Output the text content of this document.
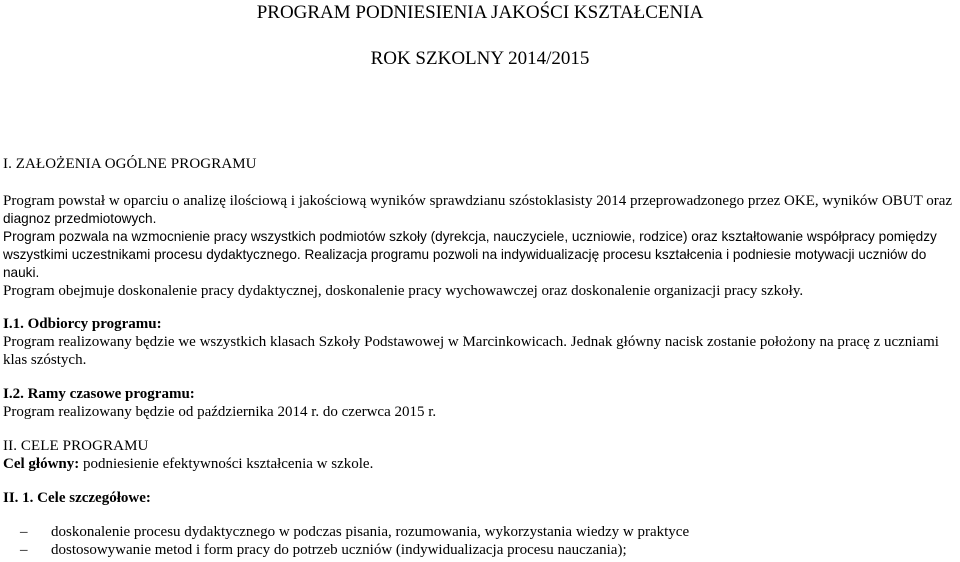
PROGRAM PODNIESIENIA JAKOŚCI KSZTAŁCENIA
ROK SZKOLNY 2014/2015
I. ZAŁOŻENIA OGÓLNE PROGRAMU
Program powstał w oparciu o analizę ilościową i jakościową wyników sprawdzianu szóstoklasisty 2014 przeprowadzonego przez OKE, wyników OBUT oraz diagnoz przedmiotowych.
Program pozwala na wzmocnienie pracy wszystkich podmiotów szkoły (dyrekcja, nauczyciele, uczniowie, rodzice) oraz kształtowanie współpracy pomiędzy wszystkimi uczestnikami procesu dydaktycznego. Realizacja programu pozwoli na indywidualizację procesu kształcenia i podniesie motywacji uczniów do nauki.
Program obejmuje doskonalenie pracy dydaktycznej, doskonalenie pracy wychowawczej oraz doskonalenie organizacji pracy szkoły.
I.1. Odbiorcy programu:
Program realizowany będzie we wszystkich klasach Szkoły Podstawowej w Marcinkowicach. Jednak główny nacisk zostanie położony na pracę z uczniami klas szóstych.
I.2. Ramy czasowe programu:
Program realizowany będzie od października 2014 r. do czerwca 2015 r.
II. CELE PROGRAMU
Cel główny: podniesienie efektywności kształcenia w szkole.
II. 1. Cele szczegółowe:
– doskonalenie procesu dydaktycznego w podczas pisania, rozumowania, wykorzystania wiedzy w praktyce
– dostosowywanie metod i form pracy do potrzeb uczniów (indywidualizacja procesu nauczania);
